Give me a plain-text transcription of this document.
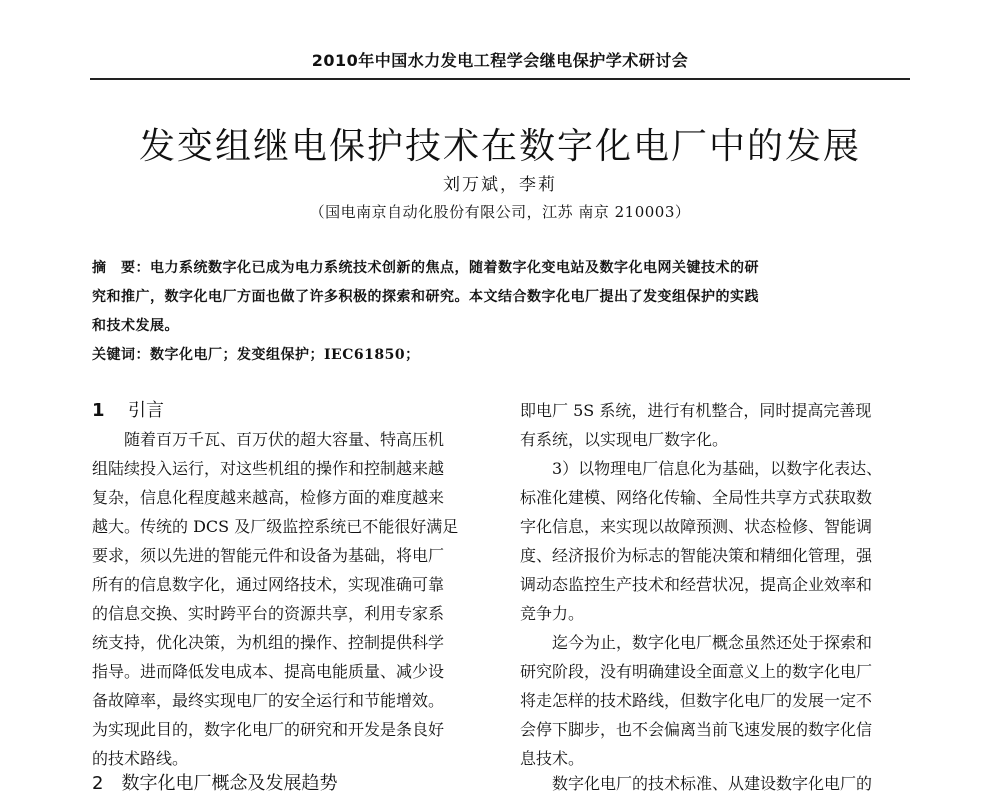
2010年中国水力发电工程学会继电保护学术研讨会
发变组继电保护技术在数字化电厂中的发展
刘万斌，李莉
（国电南京自动化股份有限公司，江苏 南京 210003）
摘　要：电力系统数字化已成为电力系统技术创新的焦点，随着数字化变电站及数字化电网关键技术的研
究和推广，数字化电厂方面也做了许多积极的探索和研究。本文结合数字化电厂提出了发变组保护的实践
和技术发展。
关键词：数字化电厂；发变组保护；IEC61850；
1 引言
随着百万千瓦、百万伏的超大容量、特高压机
组陆续投入运行，对这些机组的操作和控制越来越
复杂，信息化程度越来越高，检修方面的难度越来
越大。传统的 DCS 及厂级监控系统已不能很好满足
要求，须以先进的智能元件和设备为基础，将电厂
所有的信息数字化，通过网络技术，实现准确可靠
的信息交换、实时跨平台的资源共享，利用专家系
统支持，优化决策，为机组的操作、控制提供科学
指导。进而降低发电成本、提高电能质量、减少设
备故障率，最终实现电厂的安全运行和节能增效。
为实现此目的，数字化电厂的研究和开发是条良好
的技术路线。
2　数字化电厂概念及发展趋势
即电厂 5S 系统，进行有机整合，同时提高完善现
有系统，以实现电厂数字化。
3）以物理电厂信息化为基础，以数字化表达、
标准化建模、网络化传输、全局性共享方式获取数
字化信息，来实现以故障预测、状态检修、智能调
度、经济报价为标志的智能决策和精细化管理，强
调动态监控生产技术和经营状况，提高企业效率和
竞争力。
迄今为止，数字化电厂概念虽然还处于探索和
研究阶段，没有明确建设全面意义上的数字化电厂
将走怎样的技术路线，但数字化电厂的发展一定不
会停下脚步，也不会偏离当前飞速发展的数字化信
息技术。
数字化电厂的技术标准、从建设数字化电厂的
